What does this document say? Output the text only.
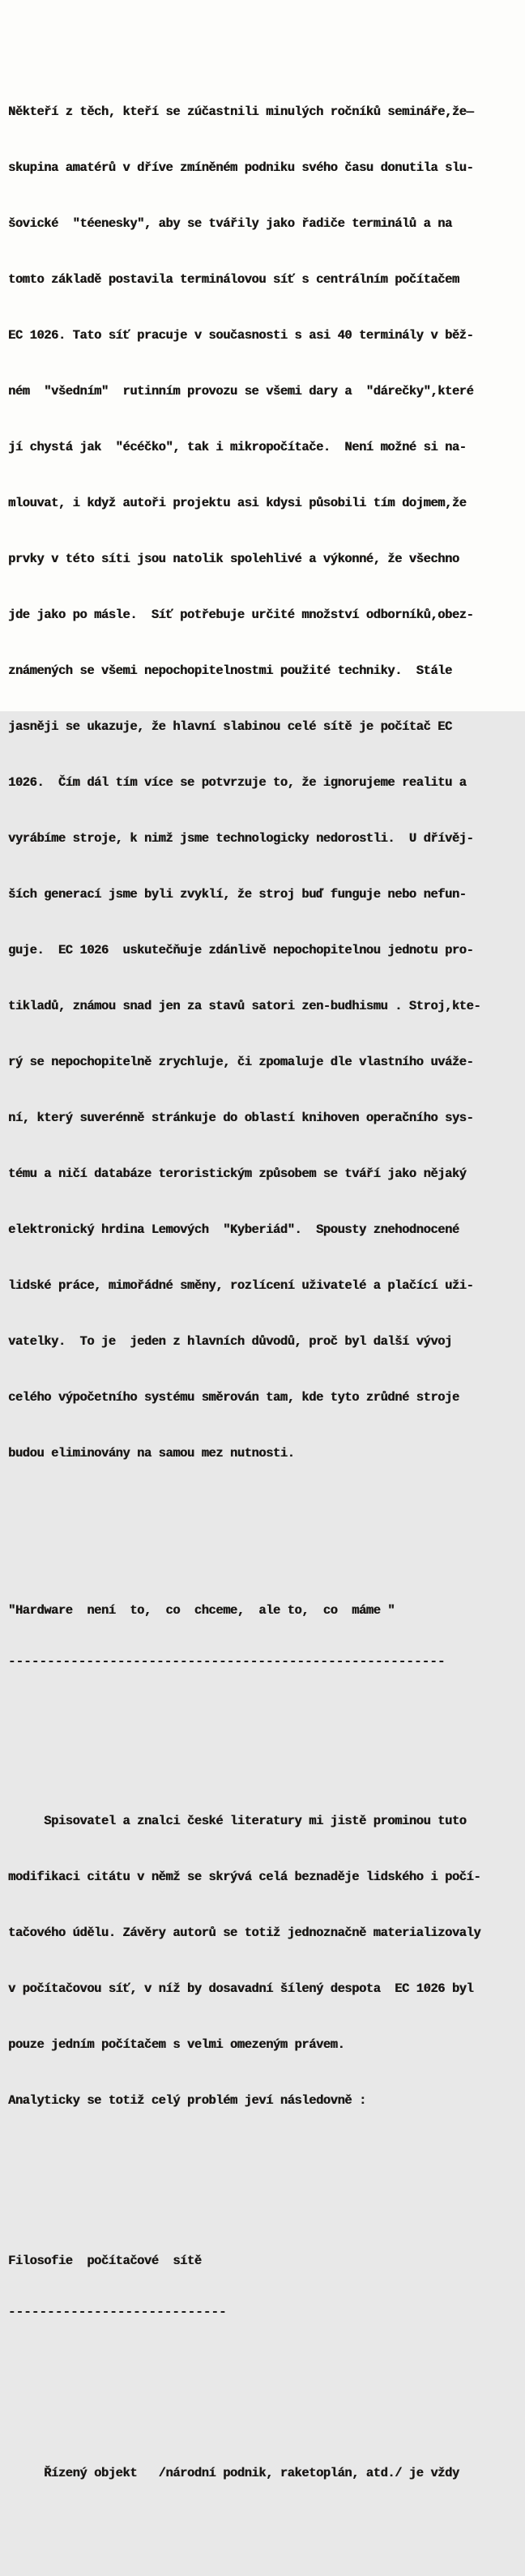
Někteří z těch, kteří se zúčastnili minulých ročníků semináře,že—

skupina amatérů v dříve zmíněném podniku svého času donutila slu-

šovické  "téenesky", aby se tvářily jako řadiče terminálů a na

tomto základě postavila terminálovou síť s centrálním počítačem

EC 1026. Tato síť pracuje v současnosti s asi 40 terminály v běž-

ném  "všedním"  rutinním provozu se všemi dary a  "dárečky",které

jí chystá jak  "écéčko", tak i mikropočítače.  Není možné si na-

mlouvat, i když autoři projektu asi kdysi působili tím dojmem,že

prvky v této síti jsou natolik spolehlivé a výkonné, že všechno

jde jako po másle.  Síť potřebuje určité množství odborníků,obez-

známených se všemi nepochopitelnostmi použité techniky.  Stále

jasněji se ukazuje, že hlavní slabinou celé sítě je počítač EC

1026.  Čím dál tím více se potvrzuje to, že ignorujeme realitu a

vyrábíme stroje, k nimž jsme technologicky nedorostli.  U dřívěj-

ších generací jsme byli zvyklí, že stroj buď funguje nebo nefun-

guje.  EC 1026  uskutečňuje zdánlivě nepochopitelnou jednotu pro-

tikladů, známou snad jen za stavů satori zen-budhismu . Stroj,kte-

rý se nepochopitelně zrychluje, či zpomaluje dle vlastního uváže-

ní, který suverénně stránkuje do oblastí knihoven operačního sys-

tému a ničí databáze teroristickým způsobem se tváří jako nějaký

elektronický hrdina Lemových  "Kyberiád".  Spousty znehodnocené

lidské práce, mimořádné směny, rozlícení uživatelé a plačící uži-

vatelky.  To je  jeden z hlavních důvodů, proč byl další vývoj

celého výpočetního systému směrován tam, kde tyto zrůdné stroje

budou eliminovány na samou mez nutnosti.

"Hardware  není  to,  co  chceme,  ale to,  co  máme "

--------------------------------------------------------

Spisovatel a znalci české literatury mi jistě prominou tuto

modifikaci citátu v němž se skrývá celá beznaděje lidského i počí-

tačového údělu. Závěry autorů se totiž jednoznačně materializovaly

v počítačovou síť, v níž by dosavadní šílený despota  EC 1026 byl

pouze jedním počítačem s velmi omezeným právem.

Analyticky se totiž celý problém jeví následovně :

Filosofie  počítačové  sítě

----------------------------

Řízený objekt   /národní podnik, raketoplán, atd./ je vždy
